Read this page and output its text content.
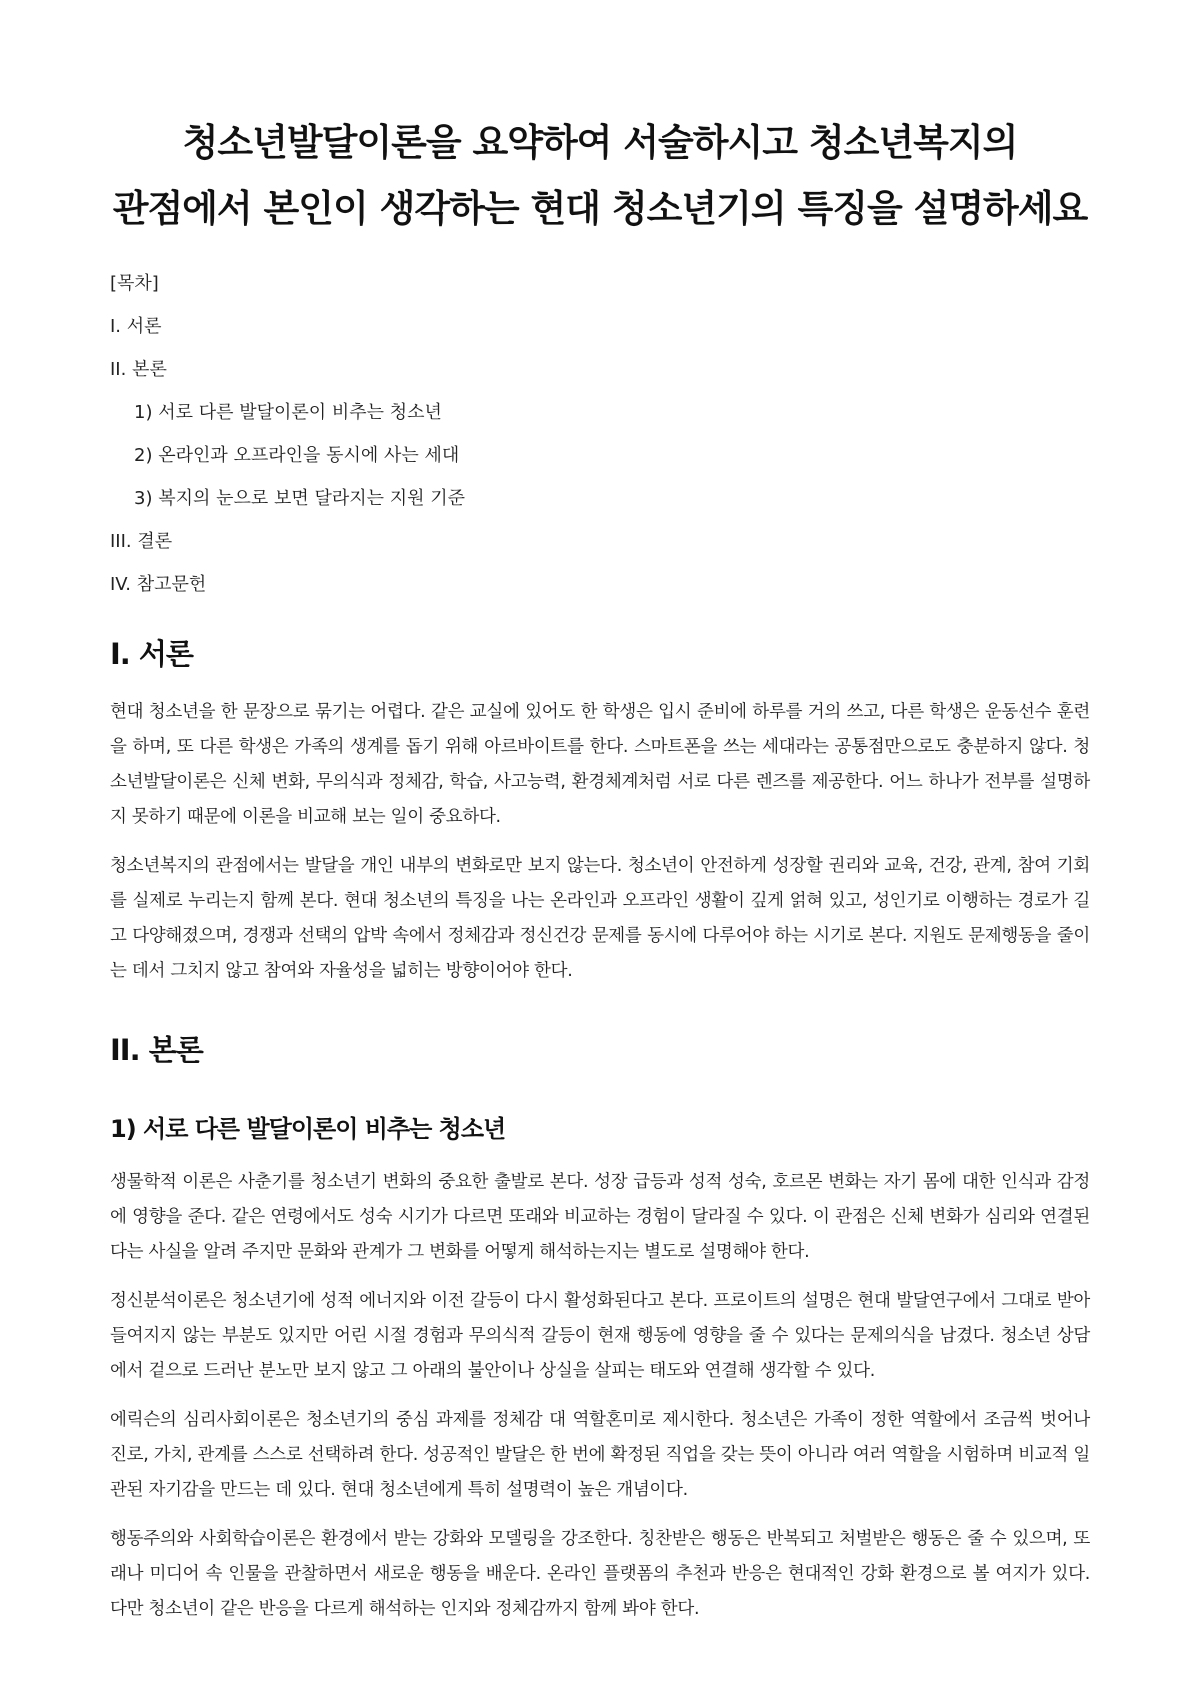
청소년발달이론을 요약하여 서술하시고 청소년복지의 관점에서 본인이 생각하는 현대 청소년기의 특징을 설명하세요
[목차]
I. 서론
II. 본론
1) 서로 다른 발달이론이 비추는 청소년
2) 온라인과 오프라인을 동시에 사는 세대
3) 복지의 눈으로 보면 달라지는 지원 기준
III. 결론
IV. 참고문헌
I. 서론

현대 청소년을 한 문장으로 묶기는 어렵다. 같은 교실에 있어도 한 학생은 입시 준비에 하루를 거의 쓰고, 다른 학생은 운동선수 훈련을 하며, 또 다른 학생은 가족의 생계를 돕기 위해 아르바이트를 한다. 스마트폰을 쓰는 세대라는 공통점만으로도 충분하지 않다. 청소년발달이론은 신체 변화, 무의식과 정체감, 학습, 사고능력, 환경체계처럼 서로 다른 렌즈를 제공한다. 어느 하나가 전부를 설명하지 못하기 때문에 이론을 비교해 보는 일이 중요하다.

청소년복지의 관점에서는 발달을 개인 내부의 변화로만 보지 않는다. 청소년이 안전하게 성장할 권리와 교육, 건강, 관계, 참여 기회를 실제로 누리는지 함께 본다. 현대 청소년의 특징을 나는 온라인과 오프라인 생활이 깊게 얽혀 있고, 성인기로 이행하는 경로가 길고 다양해졌으며, 경쟁과 선택의 압박 속에서 정체감과 정신건강 문제를 동시에 다루어야 하는 시기로 본다. 지원도 문제행동을 줄이는 데서 그치지 않고 참여와 자율성을 넓히는 방향이어야 한다.

II. 본론
1) 서로 다른 발달이론이 비추는 청소년

생물학적 이론은 사춘기를 청소년기 변화의 중요한 출발로 본다. 성장 급등과 성적 성숙, 호르몬 변화는 자기 몸에 대한 인식과 감정에 영향을 준다. 같은 연령에서도 성숙 시기가 다르면 또래와 비교하는 경험이 달라질 수 있다. 이 관점은 신체 변화가 심리와 연결된다는 사실을 알려 주지만 문화와 관계가 그 변화를 어떻게 해석하는지는 별도로 설명해야 한다.

정신분석이론은 청소년기에 성적 에너지와 이전 갈등이 다시 활성화된다고 본다. 프로이트의 설명은 현대 발달연구에서 그대로 받아들여지지 않는 부분도 있지만 어린 시절 경험과 무의식적 갈등이 현재 행동에 영향을 줄 수 있다는 문제의식을 남겼다. 청소년 상담에서 겉으로 드러난 분노만 보지 않고 그 아래의 불안이나 상실을 살피는 태도와 연결해 생각할 수 있다.

에릭슨의 심리사회이론은 청소년기의 중심 과제를 정체감 대 역할혼미로 제시한다. 청소년은 가족이 정한 역할에서 조금씩 벗어나 진로, 가치, 관계를 스스로 선택하려 한다. 성공적인 발달은 한 번에 확정된 직업을 갖는 뜻이 아니라 여러 역할을 시험하며 비교적 일관된 자기감을 만드는 데 있다. 현대 청소년에게 특히 설명력이 높은 개념이다.

행동주의와 사회학습이론은 환경에서 받는 강화와 모델링을 강조한다. 칭찬받은 행동은 반복되고 처벌받은 행동은 줄 수 있으며, 또래나 미디어 속 인물을 관찰하면서 새로운 행동을 배운다. 온라인 플랫폼의 추천과 반응은 현대적인 강화 환경으로 볼 여지가 있다. 다만 청소년이 같은 반응을 다르게 해석하는 인지와 정체감까지 함께 봐야 한다.
